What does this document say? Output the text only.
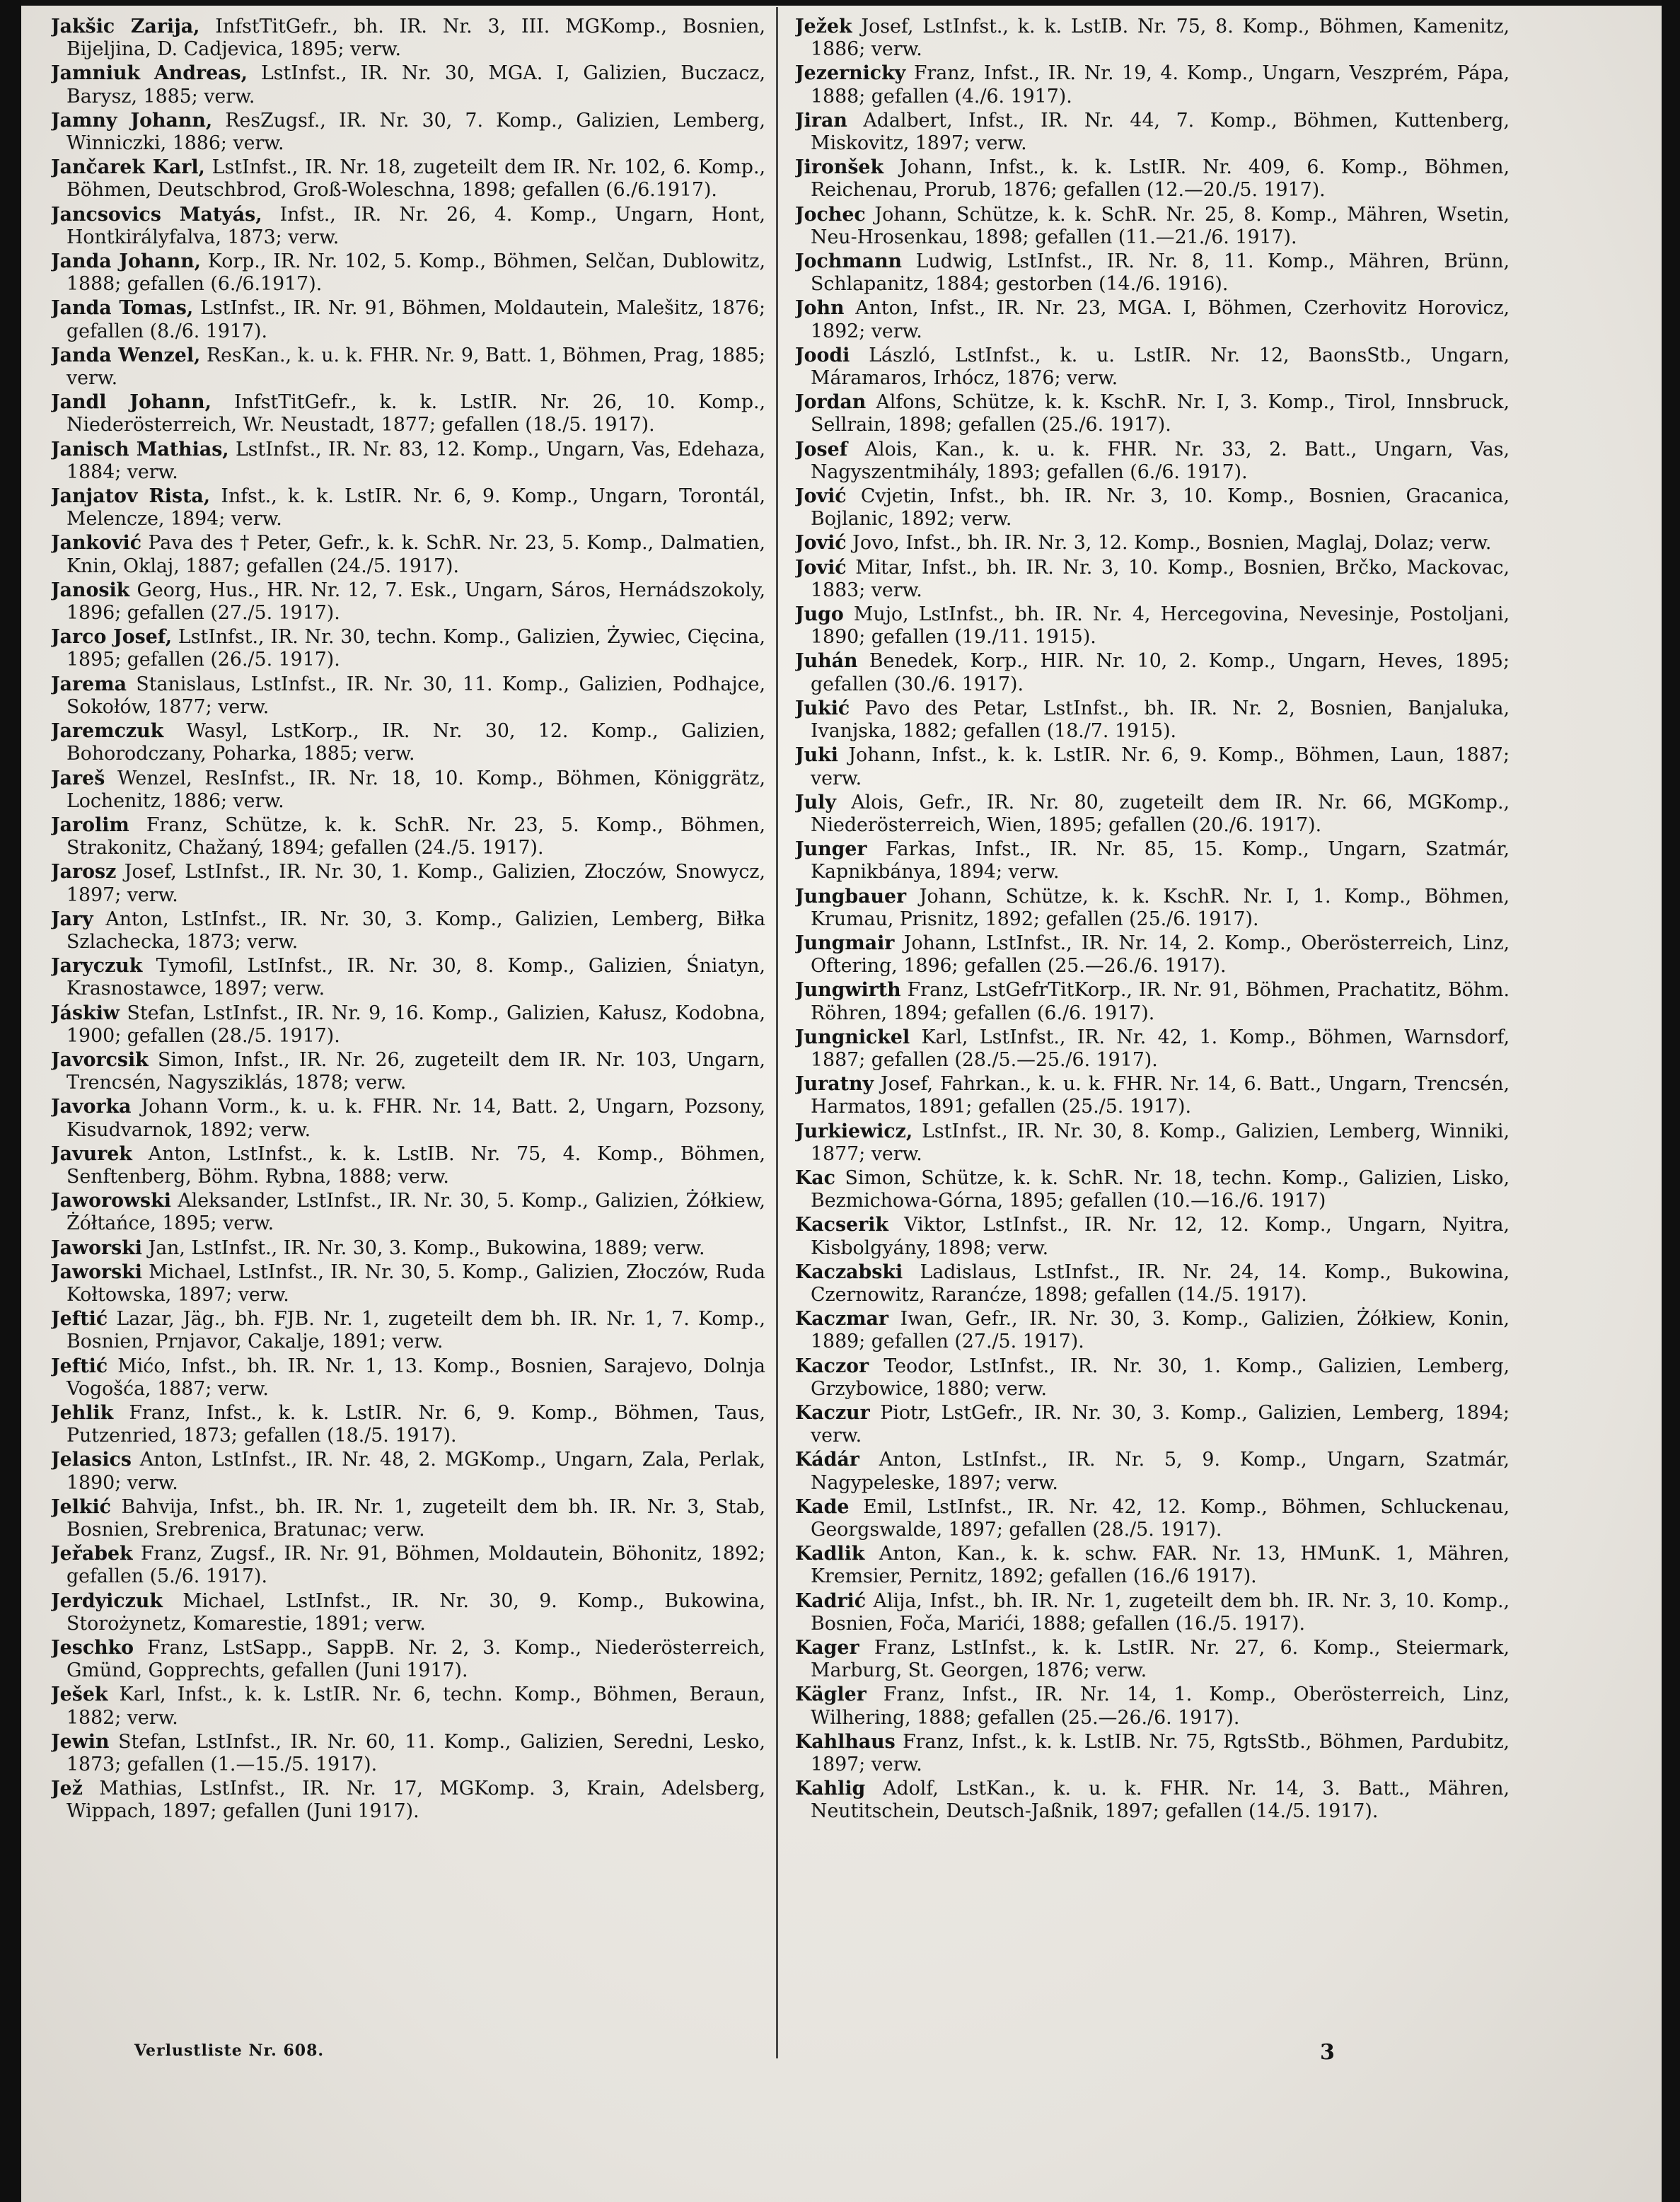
Jakšic Zarija, InfstTitGefr., bh. IR. Nr. 3, III. MGKomp., Bosnien, Bijeljina, D. Cadjevica, 1895; verw.

Jamniuk Andreas, LstInfst., IR. Nr. 30, MGA. I, Galizien, Buczacz, Barysz, 1885; verw.

Jamny Johann, ResZugsf., IR. Nr. 30, 7. Komp., Galizien, Lemberg, Winniczki, 1886; verw.

Jančarek Karl, LstInfst., IR. Nr. 18, zugeteilt dem IR. Nr. 102, 6. Komp., Böhmen, Deutschbrod, Groß-Woleschna, 1898; gefallen (6./6.1917).

Jancsovics Matyás, Infst., IR. Nr. 26, 4. Komp., Ungarn, Hont, Hontkirályfalva, 1873; verw.

Janda Johann, Korp., IR. Nr. 102, 5. Komp., Böhmen, Selčan, Dublowitz, 1888; gefallen (6./6.1917).

Janda Tomas, LstInfst., IR. Nr. 91, Böhmen, Moldautein, Malešitz, 1876; gefallen (8./6. 1917).

Janda Wenzel, ResKan., k. u. k. FHR. Nr. 9, Batt. 1, Böhmen, Prag, 1885; verw.

Jandl Johann, InfstTitGefr., k. k. LstIR. Nr. 26, 10. Komp., Niederösterreich, Wr. Neustadt, 1877; gefallen (18./5. 1917).

Janisch Mathias, LstInfst., IR. Nr. 83, 12. Komp., Ungarn, Vas, Edehaza, 1884; verw.

Janjatov Rista, Infst., k. k. LstIR. Nr. 6, 9. Komp., Ungarn, Torontál, Melencze, 1894; verw.

Janković Pava des † Peter, Gefr., k. k. SchR. Nr. 23, 5. Komp., Dalmatien, Knin, Oklaj, 1887; gefallen (24./5. 1917).

Janosik Georg, Hus., HR. Nr. 12, 7. Esk., Ungarn, Sáros, Hernádszokoly, 1896; gefallen (27./5. 1917).

Jarco Josef, LstInfst., IR. Nr. 30, techn. Komp., Galizien, Żywiec, Cięcina, 1895; gefallen (26./5. 1917).

Jarema Stanislaus, LstInfst., IR. Nr. 30, 11. Komp., Galizien, Podhajce, Sokołów, 1877; verw.

Jaremczuk Wasyl, LstKorp., IR. Nr. 30, 12. Komp., Galizien, Bohorodczany, Poharka, 1885; verw.

Jareš Wenzel, ResInfst., IR. Nr. 18, 10. Komp., Böhmen, Königgrätz, Lochenitz, 1886; verw.

Jarolim Franz, Schütze, k. k. SchR. Nr. 23, 5. Komp., Böhmen, Strakonitz, Chažaný, 1894; gefallen (24./5. 1917).

Jarosz Josef, LstInfst., IR. Nr. 30, 1. Komp., Galizien, Złoczów, Snowycz, 1897; verw.

Jary Anton, LstInfst., IR. Nr. 30, 3. Komp., Galizien, Lemberg, Biłka Szlachecka, 1873; verw.

Jaryczuk Tymofil, LstInfst., IR. Nr. 30, 8. Komp., Galizien, Śniatyn, Krasnostawce, 1897; verw.

Jáskiw Stefan, LstInfst., IR. Nr. 9, 16. Komp., Galizien, Kałusz, Kodobna, 1900; gefallen (28./5. 1917).

Javorcsik Simon, Infst., IR. Nr. 26, zugeteilt dem IR. Nr. 103, Ungarn, Trencsén, Nagysziklás, 1878; verw.

Javorka Johann Vorm., k. u. k. FHR. Nr. 14, Batt. 2, Ungarn, Pozsony, Kisudvarnok, 1892; verw.

Javurek Anton, LstInfst., k. k. LstIB. Nr. 75, 4. Komp., Böhmen, Senftenberg, Böhm. Rybna, 1888; verw.

Jaworowski Aleksander, LstInfst., IR. Nr. 30, 5. Komp., Galizien, Żółkiew, Żółtańce, 1895; verw.

Jaworski Jan, LstInfst., IR. Nr. 30, 3. Komp., Bukowina, 1889; verw.

Jaworski Michael, LstInfst., IR. Nr. 30, 5. Komp., Galizien, Złoczów, Ruda Kołtowska, 1897; verw.

Jeftić Lazar, Jäg., bh. FJB. Nr. 1, zugeteilt dem bh. IR. Nr. 1, 7. Komp., Bosnien, Prnjavor, Cakalje, 1891; verw.

Jeftić Mićo, Infst., bh. IR. Nr. 1, 13. Komp., Bosnien, Sarajevo, Dolnja Vogošća, 1887; verw.

Jehlik Franz, Infst., k. k. LstIR. Nr. 6, 9. Komp., Böhmen, Taus, Putzenried, 1873; gefallen (18./5. 1917).

Jelasics Anton, LstInfst., IR. Nr. 48, 2. MGKomp., Ungarn, Zala, Perlak, 1890; verw.

Jelkić Bahvija, Infst., bh. IR. Nr. 1, zugeteilt dem bh. IR. Nr. 3, Stab, Bosnien, Srebrenica, Bratunac; verw.

Jeřabek Franz, Zugsf., IR. Nr. 91, Böhmen, Moldautein, Böhonitz, 1892; gefallen (5./6. 1917).

Jerdyiczuk Michael, LstInfst., IR. Nr. 30, 9. Komp., Bukowina, Storożynetz, Komarestie, 1891; verw.

Jeschko Franz, LstSapp., SappB. Nr. 2, 3. Komp., Niederösterreich, Gmünd, Gopprechts, gefallen (Juni 1917).

Ješek Karl, Infst., k. k. LstIR. Nr. 6, techn. Komp., Böhmen, Beraun, 1882; verw.

Jewin Stefan, LstInfst., IR. Nr. 60, 11. Komp., Galizien, Seredni, Lesko, 1873; gefallen (1.—15./5. 1917).

Jež Mathias, LstInfst., IR. Nr. 17, MGKomp. 3, Krain, Adelsberg, Wippach, 1897; gefallen (Juni 1917).

Ježek Josef, LstInfst., k. k. LstIB. Nr. 75, 8. Komp., Böhmen, Kamenitz, 1886; verw.

Jezernicky Franz, Infst., IR. Nr. 19, 4. Komp., Ungarn, Veszprém, Pápa, 1888; gefallen (4./6. 1917).

Jiran Adalbert, Infst., IR. Nr. 44, 7. Komp., Böhmen, Kuttenberg, Miskovitz, 1897; verw.

Jironšek Johann, Infst., k. k. LstIR. Nr. 409, 6. Komp., Böhmen, Reichenau, Prorub, 1876; gefallen (12.—20./5. 1917).

Jochec Johann, Schütze, k. k. SchR. Nr. 25, 8. Komp., Mähren, Wsetin, Neu-Hrosenkau, 1898; gefallen (11.—21./6. 1917).

Jochmann Ludwig, LstInfst., IR. Nr. 8, 11. Komp., Mähren, Brünn, Schlapanitz, 1884; gestorben (14./6. 1916).

John Anton, Infst., IR. Nr. 23, MGA. I, Böhmen, Czerhovitz Horovicz, 1892; verw.

Joodi László, LstInfst., k. u. LstIR. Nr. 12, BaonsStb., Ungarn, Máramaros, Irhócz, 1876; verw.

Jordan Alfons, Schütze, k. k. KschR. Nr. I, 3. Komp., Tirol, Innsbruck, Sellrain, 1898; gefallen (25./6. 1917).

Josef Alois, Kan., k. u. k. FHR. Nr. 33, 2. Batt., Ungarn, Vas, Nagyszentmihály, 1893; gefallen (6./6. 1917).

Jović Cvjetin, Infst., bh. IR. Nr. 3, 10. Komp., Bosnien, Gracanica, Bojlanic, 1892; verw.

Jović Jovo, Infst., bh. IR. Nr. 3, 12. Komp., Bosnien, Maglaj, Dolaz; verw.

Jović Mitar, Infst., bh. IR. Nr. 3, 10. Komp., Bosnien, Brčko, Mackovac, 1883; verw.

Jugo Mujo, LstInfst., bh. IR. Nr. 4, Hercegovina, Nevesinje, Postoljani, 1890; gefallen (19./11. 1915).

Juhán Benedek, Korp., HIR. Nr. 10, 2. Komp., Ungarn, Heves, 1895; gefallen (30./6. 1917).

Jukić Pavo des Petar, LstInfst., bh. IR. Nr. 2, Bosnien, Banjaluka, Ivanjska, 1882; gefallen (18./7. 1915).

Juki Johann, Infst., k. k. LstIR. Nr. 6, 9. Komp., Böhmen, Laun, 1887; verw.

July Alois, Gefr., IR. Nr. 80, zugeteilt dem IR. Nr. 66, MGKomp., Niederösterreich, Wien, 1895; gefallen (20./6. 1917).

Junger Farkas, Infst., IR. Nr. 85, 15. Komp., Ungarn, Szatmár, Kapnikbánya, 1894; verw.

Jungbauer Johann, Schütze, k. k. KschR. Nr. I, 1. Komp., Böhmen, Krumau, Prisnitz, 1892; gefallen (25./6. 1917).

Jungmair Johann, LstInfst., IR. Nr. 14, 2. Komp., Oberösterreich, Linz, Oftering, 1896; gefallen (25.—26./6. 1917).

Jungwirth Franz, LstGefrTitKorp., IR. Nr. 91, Böhmen, Prachatitz, Böhm. Röhren, 1894; gefallen (6./6. 1917).

Jungnickel Karl, LstInfst., IR. Nr. 42, 1. Komp., Böhmen, Warnsdorf, 1887; gefallen (28./5.—25./6. 1917).

Juratny Josef, Fahrkan., k. u. k. FHR. Nr. 14, 6. Batt., Ungarn, Trencsén, Harmatos, 1891; gefallen (25./5. 1917).

Jurkiewicz, LstInfst., IR. Nr. 30, 8. Komp., Galizien, Lemberg, Winniki, 1877; verw.

Kac Simon, Schütze, k. k. SchR. Nr. 18, techn. Komp., Galizien, Lisko, Bezmichowa-Górna, 1895; gefallen (10.—16./6. 1917)

Kacserik Viktor, LstInfst., IR. Nr. 12, 12. Komp., Ungarn, Nyitra, Kisbolgyány, 1898; verw.

Kaczabski Ladislaus, LstInfst., IR. Nr. 24, 14. Komp., Bukowina, Czernowitz, Raranćze, 1898; gefallen (14./5. 1917).

Kaczmar Iwan, Gefr., IR. Nr. 30, 3. Komp., Galizien, Żółkiew, Konin, 1889; gefallen (27./5. 1917).

Kaczor Teodor, LstInfst., IR. Nr. 30, 1. Komp., Galizien, Lemberg, Grzybowice, 1880; verw.

Kaczur Piotr, LstGefr., IR. Nr. 30, 3. Komp., Galizien, Lemberg, 1894; verw.

Kádár Anton, LstInfst., IR. Nr. 5, 9. Komp., Ungarn, Szatmár, Nagypeleske, 1897; verw.

Kade Emil, LstInfst., IR. Nr. 42, 12. Komp., Böhmen, Schluckenau, Georgswalde, 1897; gefallen (28./5. 1917).

Kadlik Anton, Kan., k. k. schw. FAR. Nr. 13, HMunK. 1, Mähren, Kremsier, Pernitz, 1892; gefallen (16./6 1917).

Kadrić Alija, Infst., bh. IR. Nr. 1, zugeteilt dem bh. IR. Nr. 3, 10. Komp., Bosnien, Foča, Marići, 1888; gefallen (16./5. 1917).

Kager Franz, LstInfst., k. k. LstIR. Nr. 27, 6. Komp., Steiermark, Marburg, St. Georgen, 1876; verw.

Kägler Franz, Infst., IR. Nr. 14, 1. Komp., Oberösterreich, Linz, Wilhering, 1888; gefallen (25.—26./6. 1917).

Kahlhaus Franz, Infst., k. k. LstIB. Nr. 75, RgtsStb., Böhmen, Pardubitz, 1897; verw.

Kahlig Adolf, LstKan., k. u. k. FHR. Nr. 14, 3. Batt., Mähren, Neutitschein, Deutsch-Jaßnik, 1897; gefallen (14./5. 1917).

Verlustliste Nr. 608.	3
